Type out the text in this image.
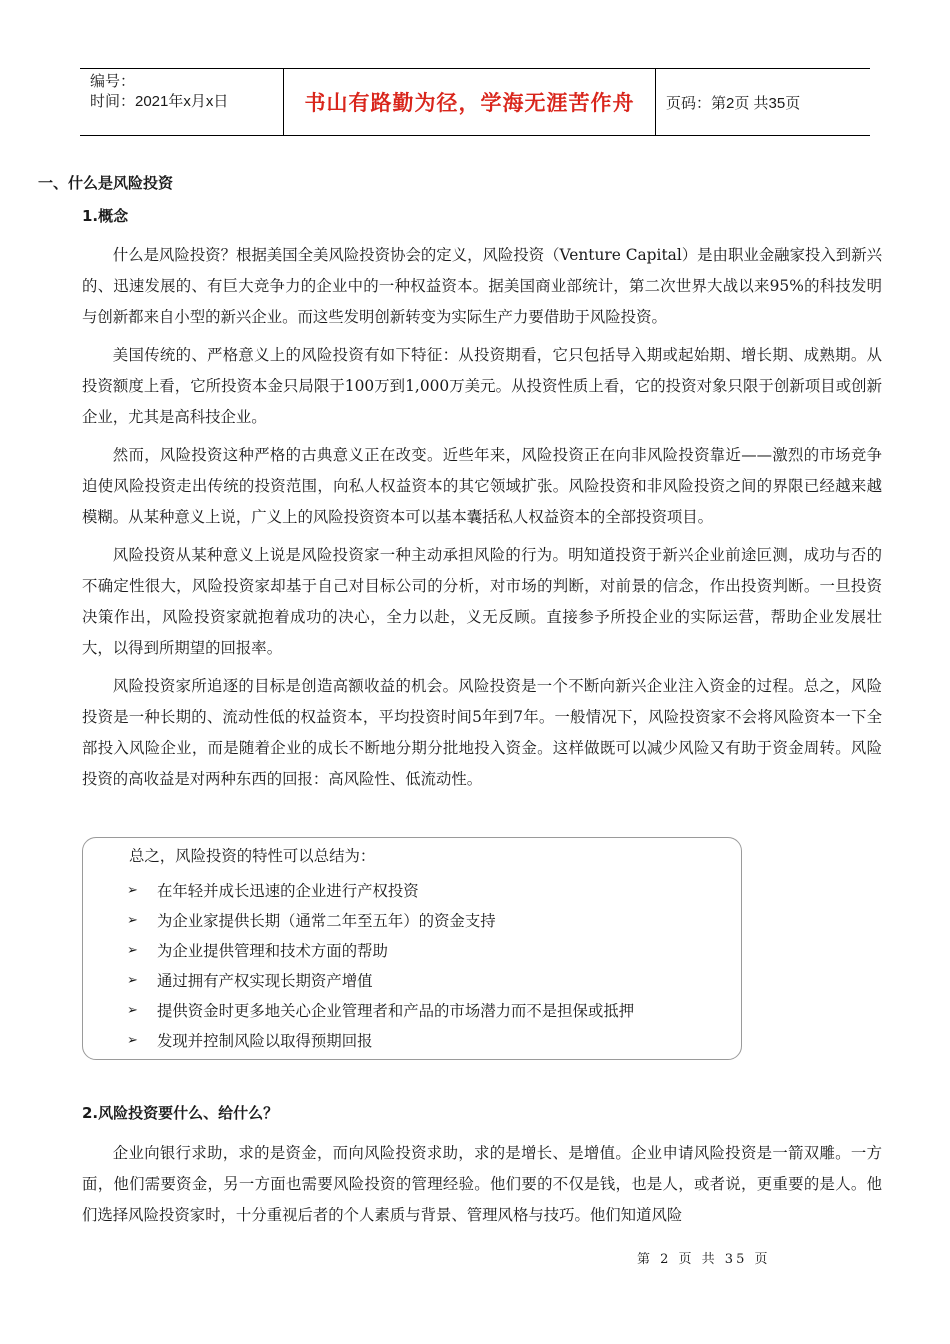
编号：
时间：2021年x月x日	书山有路勤为径，学海无涯苦作舟	页码：第2页 共35页
一、什么是风险投资
1.概念

什么是风险投资？根据美国全美风险投资协会的定义，风险投资（Venture Capital）是由职业金融家投入到新兴的、迅速发展的、有巨大竞争力的企业中的一种权益资本。据美国商业部统计，第二次世界大战以来95%的科技发明与创新都来自小型的新兴企业。而这些发明创新转变为实际生产力要借助于风险投资。

美国传统的、严格意义上的风险投资有如下特征：从投资期看，它只包括导入期或起始期、增长期、成熟期。从投资额度上看，它所投资本金只局限于100万到1,000万美元。从投资性质上看，它的投资对象只限于创新项目或创新企业，尤其是高科技企业。

然而，风险投资这种严格的古典意义正在改变。近些年来，风险投资正在向非风险投资靠近——激烈的市场竞争迫使风险投资走出传统的投资范围，向私人权益资本的其它领域扩张。风险投资和非风险投资之间的界限已经越来越模糊。从某种意义上说，广义上的风险投资资本可以基本囊括私人权益资本的全部投资项目。

风险投资从某种意义上说是风险投资家一种主动承担风险的行为。明知道投资于新兴企业前途叵测，成功与否的不确定性很大，风险投资家却基于自己对目标公司的分析，对市场的判断，对前景的信念，作出投资判断。一旦投资决策作出，风险投资家就抱着成功的决心，全力以赴，义无反顾。直接参予所投企业的实际运营，帮助企业发展壮大，以得到所期望的回报率。

风险投资家所追逐的目标是创造高额收益的机会。风险投资是一个不断向新兴企业注入资金的过程。总之，风险投资是一种长期的、流动性低的权益资本，平均投资时间5年到7年。一般情况下，风险投资家不会将风险资本一下全部投入风险企业，而是随着企业的成长不断地分期分批地投入资金。这样做既可以减少风险又有助于资金周转。风险投资的高收益是对两种东西的回报：高风险性、低流动性。

总之，风险投资的特性可以总结为：
➢	在年轻并成长迅速的企业进行产权投资
➢	为企业家提供长期（通常二年至五年）的资金支持
➢	为企业提供管理和技术方面的帮助
➢	通过拥有产权实现长期资产增值
➢	提供资金时更多地关心企业管理者和产品的市场潜力而不是担保或抵押
➢	发现并控制风险以取得预期回报
2.风险投资要什么、给什么？

企业向银行求助，求的是资金，而向风险投资求助，求的是增长、是增值。企业申请风险投资是一箭双雕。一方面，他们需要资金，另一方面也需要风险投资的管理经验。他们要的不仅是钱，也是人，或者说，更重要的是人。他们选择风险投资家时，十分重视后者的个人素质与背景、管理风格与技巧。他们知道风险

第 2 页 共 35 页
